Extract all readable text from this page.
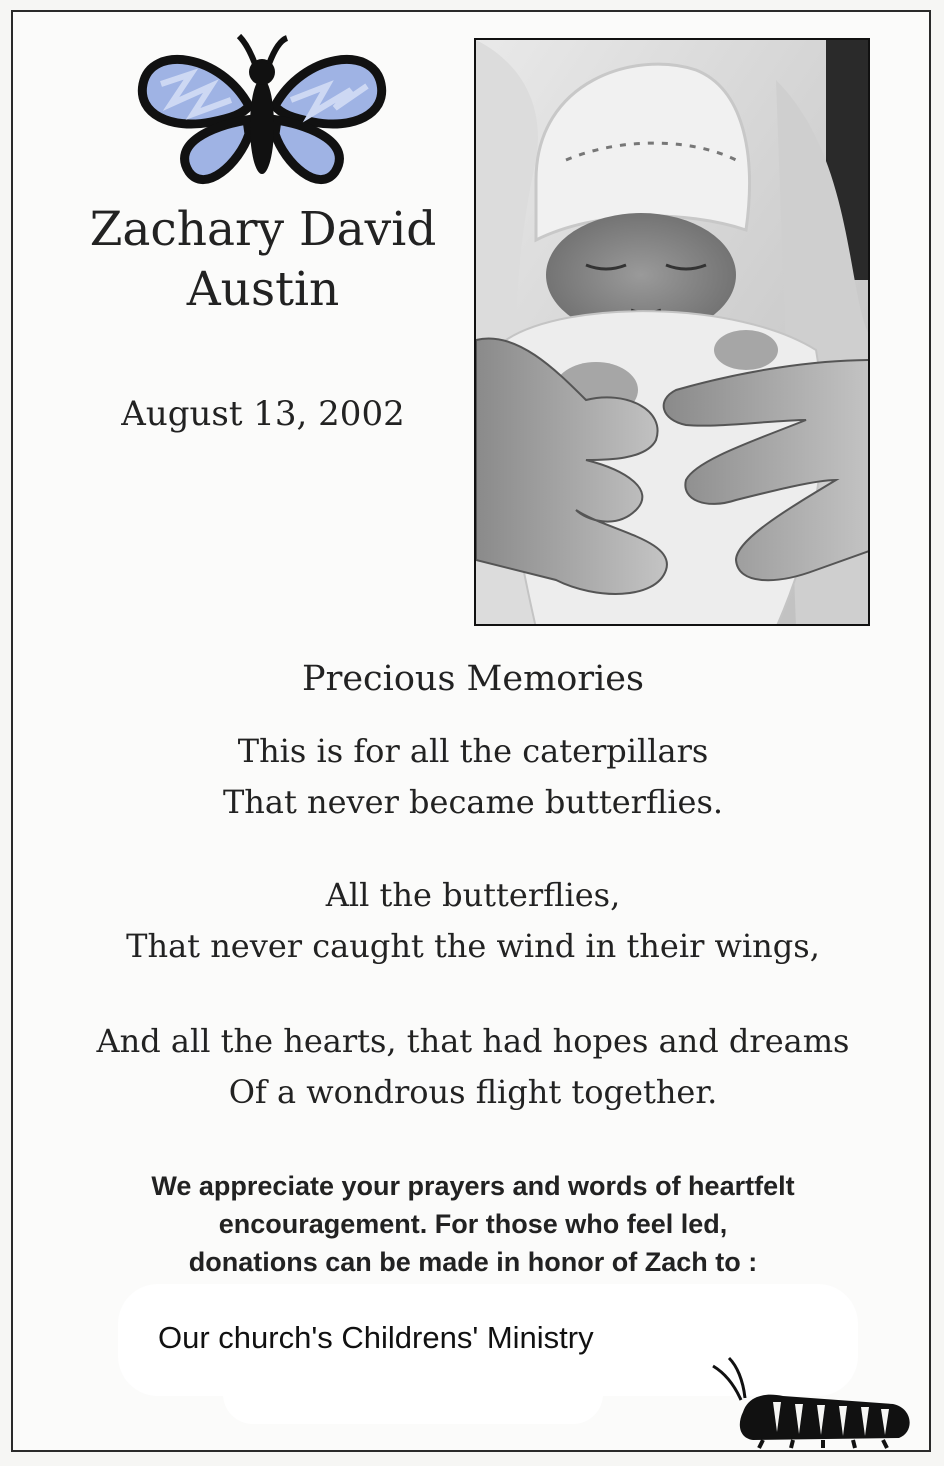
Zachary David
Austin
August 13, 2002
Precious Memories
This is for all the caterpillars
That never became butterflies.
All the butterflies,
That never caught the wind in their wings,
And all the hearts, that had hopes and dreams
Of a wondrous flight together.
We appreciate your prayers and words of heartfelt
encouragement. For those who feel led,
donations can be made in honor of Zach to :
Our church's Childrens' Ministry
